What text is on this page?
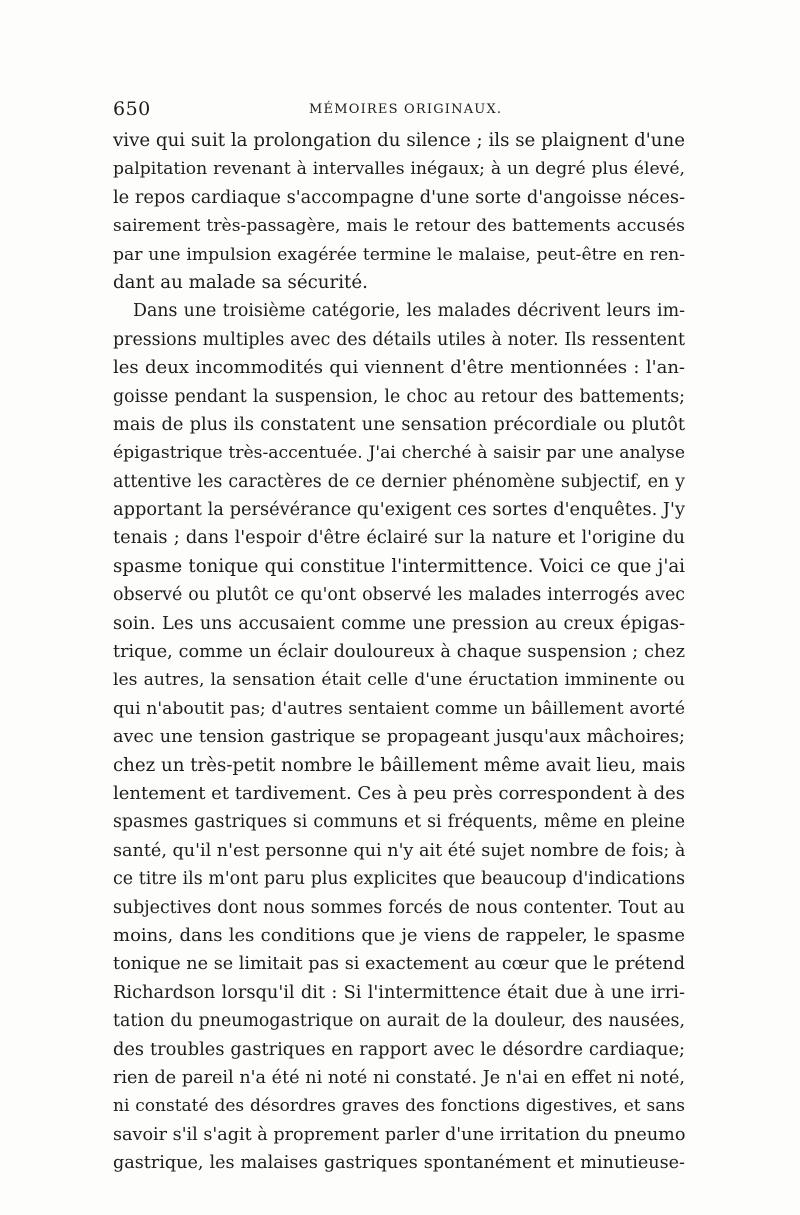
650	MÉMOIRES ORIGINAUX.
vive qui suit la prolongation du silence ; ils se plaignent d'une
palpitation revenant à intervalles inégaux; à un degré plus élevé,
le repos cardiaque s'accompagne d'une sorte d'angoisse néces-
sairement très-passagère, mais le retour des battements accusés
par une impulsion exagérée termine le malaise, peut-être en ren-
dant au malade sa sécurité.
Dans une troisième catégorie, les malades décrivent leurs im-
pressions multiples avec des détails utiles à noter. Ils ressentent
les deux incommodités qui viennent d'être mentionnées : l'an-
goisse pendant la suspension, le choc au retour des battements;
mais de plus ils constatent une sensation précordiale ou plutôt
épigastrique très-accentuée. J'ai cherché à saisir par une analyse
attentive les caractères de ce dernier phénomène subjectif, en y
apportant la persévérance qu'exigent ces sortes d'enquêtes. J'y
tenais ; dans l'espoir d'être éclairé sur la nature et l'origine du
spasme tonique qui constitue l'intermittence. Voici ce que j'ai
observé ou plutôt ce qu'ont observé les malades interrogés avec
soin. Les uns accusaient comme une pression au creux épigas-
trique, comme un éclair douloureux à chaque suspension ; chez
les autres, la sensation était celle d'une éructation imminente ou
qui n'aboutit pas; d'autres sentaient comme un bâillement avorté
avec une tension gastrique se propageant jusqu'aux mâchoires;
chez un très-petit nombre le bâillement même avait lieu, mais
lentement et tardivement. Ces à peu près correspondent à des
spasmes gastriques si communs et si fréquents, même en pleine
santé, qu'il n'est personne qui n'y ait été sujet nombre de fois; à
ce titre ils m'ont paru plus explicites que beaucoup d'indications
subjectives dont nous sommes forcés de nous contenter. Tout au
moins, dans les conditions que je viens de rappeler, le spasme
tonique ne se limitait pas si exactement au cœur que le prétend
Richardson lorsqu'il dit : Si l'intermittence était due à une irri-
tation du pneumogastrique on aurait de la douleur, des nausées,
des troubles gastriques en rapport avec le désordre cardiaque;
rien de pareil n'a été ni noté ni constaté. Je n'ai en effet ni noté,
ni constaté des désordres graves des fonctions digestives, et sans
savoir s'il s'agit à proprement parler d'une irritation du pneumo
gastrique, les malaises gastriques spontanément et minutieuse-
